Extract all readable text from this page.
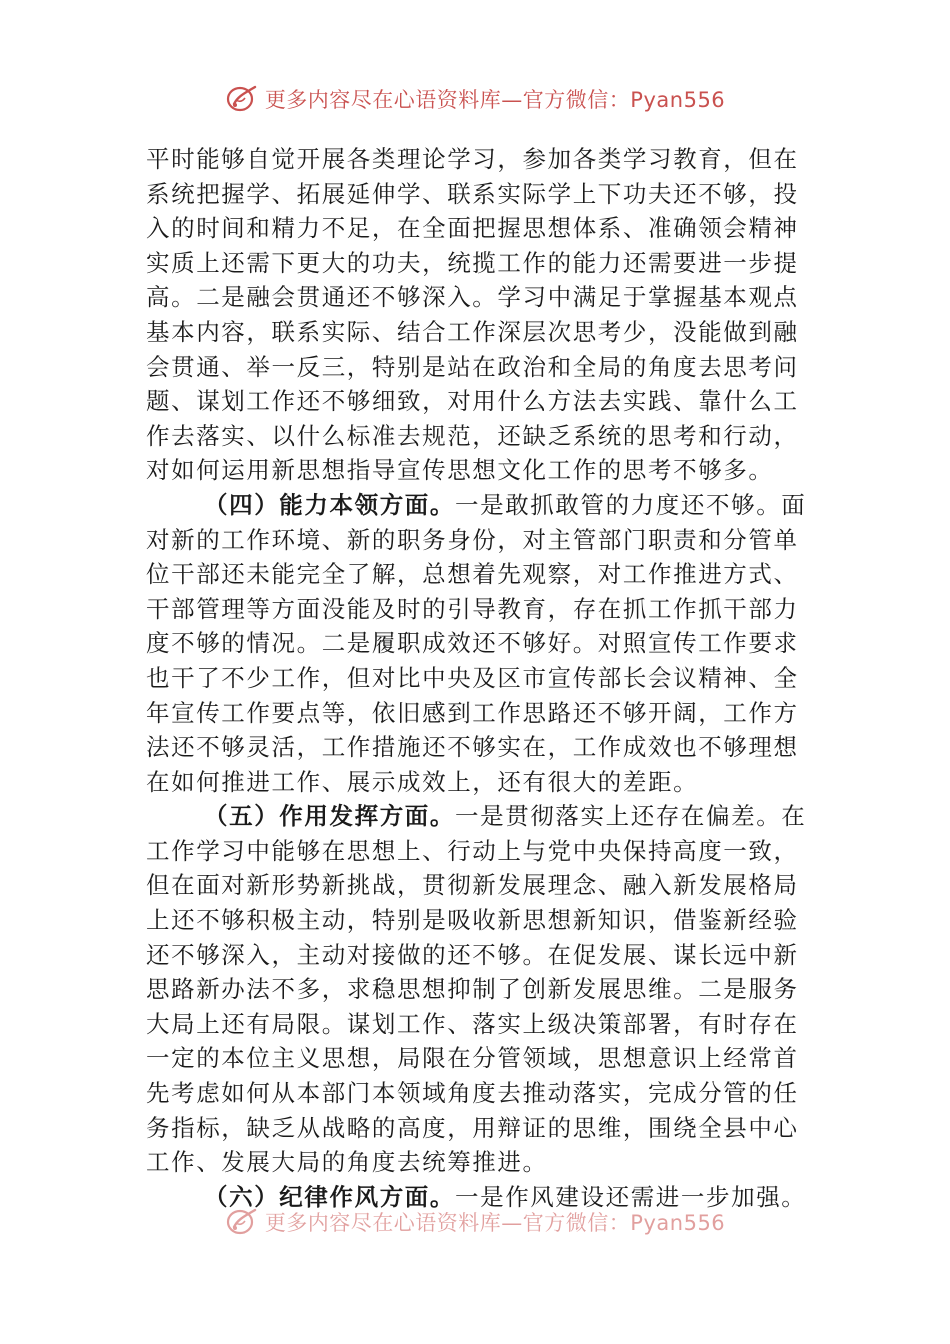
更多内容尽在心语资料库—官方微信：Pyan556
平时能够自觉开展各类理论学习，参加各类学习教育，但在
系统把握学、拓展延伸学、联系实际学上下功夫还不够，投
入的时间和精力不足，在全面把握思想体系、准确领会精神
实质上还需下更大的功夫，统揽工作的能力还需要进一步提
高。二是融会贯通还不够深入。学习中满足于掌握基本观点
基本内容，联系实际、结合工作深层次思考少，没能做到融
会贯通、举一反三，特别是站在政治和全局的角度去思考问
题、谋划工作还不够细致，对用什么方法去实践、靠什么工
作去落实、以什么标准去规范，还缺乏系统的思考和行动，
对如何运用新思想指导宣传思想文化工作的思考不够多。
（四）能力本领方面。一是敢抓敢管的力度还不够。面
对新的工作环境、新的职务身份，对主管部门职责和分管单
位干部还未能完全了解，总想着先观察，对工作推进方式、
干部管理等方面没能及时的引导教育，存在抓工作抓干部力
度不够的情况。二是履职成效还不够好。对照宣传工作要求
也干了不少工作，但对比中央及区市宣传部长会议精神、全
年宣传工作要点等，依旧感到工作思路还不够开阔，工作方
法还不够灵活，工作措施还不够实在，工作成效也不够理想
在如何推进工作、展示成效上，还有很大的差距。
（五）作用发挥方面。一是贯彻落实上还存在偏差。在
工作学习中能够在思想上、行动上与党中央保持高度一致，
但在面对新形势新挑战，贯彻新发展理念、融入新发展格局
上还不够积极主动，特别是吸收新思想新知识，借鉴新经验
还不够深入，主动对接做的还不够。在促发展、谋长远中新
思路新办法不多，求稳思想抑制了创新发展思维。二是服务
大局上还有局限。谋划工作、落实上级决策部署，有时存在
一定的本位主义思想，局限在分管领域，思想意识上经常首
先考虑如何从本部门本领域角度去推动落实，完成分管的任
务指标，缺乏从战略的高度，用辩证的思维，围绕全县中心
工作、发展大局的角度去统筹推进。
（六）纪律作风方面。一是作风建设还需进一步加强。
更多内容尽在心语资料库—官方微信：Pyan556
